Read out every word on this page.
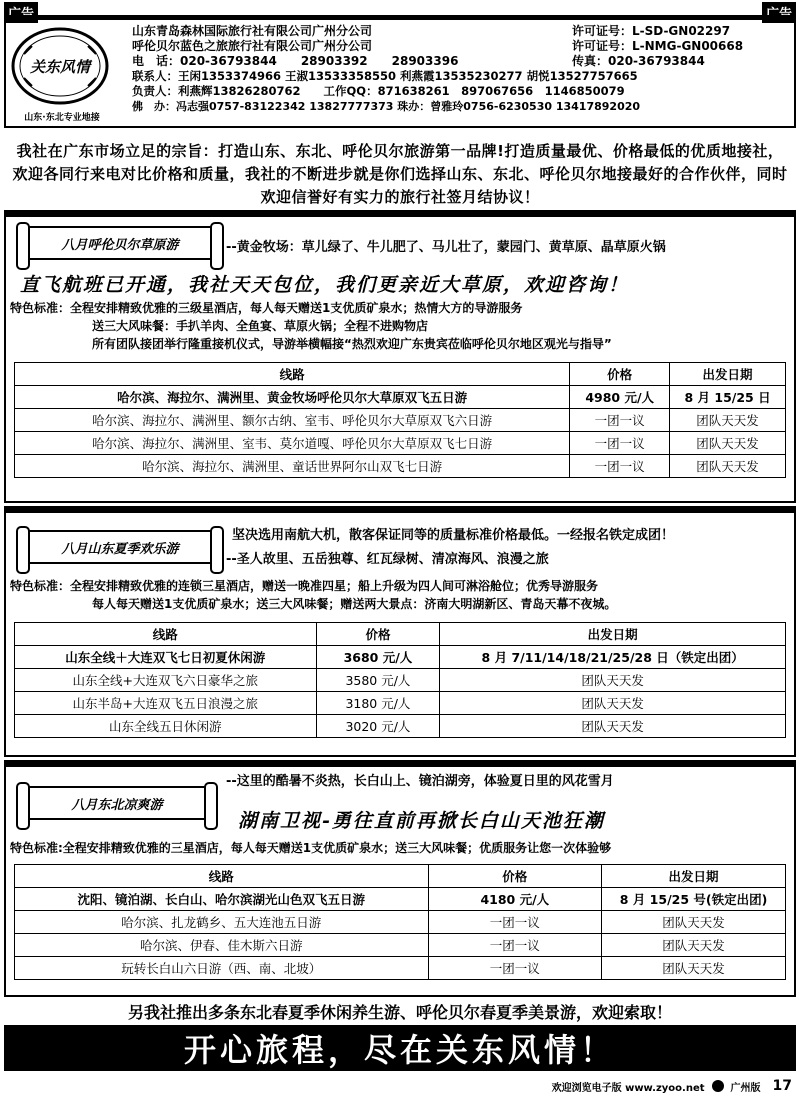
关东风情
山东·东北专业地接
山东青岛森林国际旅行社有限公司广州分公司
呼伦贝尔蓝色之旅旅行社有限公司广州分公司
电　话：020-36793844　　28903392　　28903396
联系人：王闲1353374966 王淑13533358550 利燕霞13535230277 胡悦13527757665
负责人：利燕辉13826280762　　工作QQ：871638261　897067656　1146850079
佛　办：冯志强0757-83122342 13827777373 珠办：曾雅玲0756-6230530 13417892020
许可证号：L-SD-GN02297
许可证号：L-NMG-GN00668
传真：020-36793844
我社在广东市场立足的宗旨：打造山东、东北、呼伦贝尔旅游第一品牌!打造质量最优、价格最低的优质地接社，欢迎各同行来电对比价格和质量，我社的不断进步就是你们选择山东、东北、呼伦贝尔地接最好的合作伙伴，同时欢迎信誉好有实力的旅行社签月结协议！
八月呼伦贝尔草原游	--黄金牧场：草儿绿了、牛儿肥了、马儿壮了，蒙园门、黄草原、晶草原火锅
直飞航班已开通，我社天天包位，我们更亲近大草原，欢迎咨询！
特色标准：全程安排精致优雅的三级星酒店，每人每天赠送1支优质矿泉水；热情大方的导游服务
送三大风味餐：手扒羊肉、全鱼宴、草原火锅；全程不进购物店
所有团队接团举行隆重接机仪式，导游举横幅接“热烈欢迎广东贵宾莅临呼伦贝尔地区观光与指导”
线路	价格	出发日期
哈尔滨、海拉尔、满洲里、黄金牧场呼伦贝尔大草原双飞五日游	4980 元/人	8 月 15/25 日
哈尔滨、海拉尔、满洲里、额尔古纳、室韦、呼伦贝尔大草原双飞六日游	一团一议	团队天天发
哈尔滨、海拉尔、满洲里、室韦、莫尔道嘎、呼伦贝尔大草原双飞七日游	一团一议	团队天天发
哈尔滨、海拉尔、满洲里、童话世界阿尔山双飞七日游	一团一议	团队天天发
八月山东夏季欢乐游
坚决选用南航大机，散客保证同等的质量标准价格最低。一经报名铁定成团！
--圣人故里、五岳独尊、红瓦绿树、清凉海风、浪漫之旅
特色标准：全程安排精致优雅的连锁三星酒店，赠送一晚准四星；船上升级为四人间可淋浴舱位；优秀导游服务
每人每天赠送1支优质矿泉水；送三大风味餐；赠送两大景点：济南大明湖新区、青岛天幕不夜城。
线路	价格	出发日期
山东全线＋大连双飞七日初夏休闲游	3680 元/人	8 月 7/11/14/18/21/25/28 日（铁定出团）
山东全线+大连双飞六日豪华之旅	3580 元/人	团队天天发
山东半岛+大连双飞五日浪漫之旅	3180 元/人	团队天天发
山东全线五日休闲游	3020 元/人	团队天天发
八月东北凉爽游
--这里的酷暑不炎热，长白山上、镜泊湖旁，体验夏日里的风花雪月
湖南卫视-勇往直前再掀长白山天池狂潮
特色标准:全程安排精致优雅的三星酒店，每人每天赠送1支优质矿泉水；送三大风味餐；优质服务让您一次体验够
线路	价格	出发日期
沈阳、镜泊湖、长白山、哈尔滨湖光山色双飞五日游	4180 元/人	8 月 15/25 号(铁定出团)
哈尔滨、扎龙鹤乡、五大连池五日游	一团一议	团队天天发
哈尔滨、伊春、佳木斯六日游	一团一议	团队天天发
玩转长白山六日游（西、南、北坡）	一团一议	团队天天发
另我社推出多条东北春夏季休闲养生游、呼伦贝尔春夏季美景游，欢迎索取！
开心旅程，尽在关东风情！
欢迎浏览电子版 www.zyoo.net	广州版 17
